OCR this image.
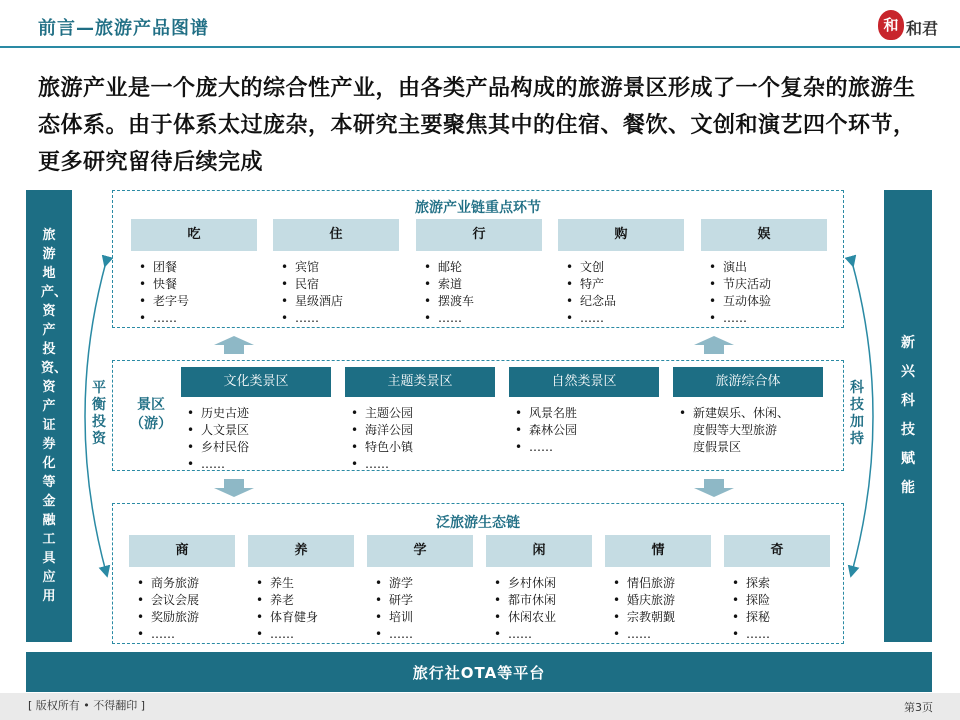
前言—旅游产品图谱	和 和君
旅游产业是一个庞大的综合性产业，由各类产品构成的旅游景区形成了一个复杂的旅游生态体系。由于体系太过庞杂，本研究主要聚焦其中的住宿、餐饮、文创和演艺四个环节，更多研究留待后续完成
旅游地产、资产投资、资产证券化等金融工具应用
新兴科技赋能
平衡投资
科技加持
旅游产业链重点环节
吃	住	行	购	娱
• 团餐
• 快餐
• 老字号
• ……
• 宾馆
• 民宿
• 星级酒店
• ……
• 邮轮
• 索道
• 摆渡车
• ……
• 文创
• 特产
• 纪念品
• ……
• 演出
• 节庆活动
• 互动体验
• ……
文化类景区	主题类景区	自然类景区	旅游综合体
• 历史古迹
• 人文景区
• 乡村民俗
• ……
• 主题公园
• 海洋公园
• 特色小镇
• ……
• 风景名胜
• 森林公园
• ……
• 新建娱乐、休闲、
度假等大型旅游
度假景区
景区
（游）
泛旅游生态链
商	养	学	闲	情	奇
• 商务旅游
• 会议会展
• 奖励旅游
• ……
• 养生
• 养老
• 体育健身
• ……
• 游学
• 研学
• 培训
• ……
• 乡村休闲
• 都市休闲
• 休闲农业
• ……
• 情侣旅游
• 婚庆旅游
• 宗教朝觐
• ……
• 探索
• 探险
• 探秘
• ……
旅行社OTA等平台
[ 版权所有 • 不得翻印 ]	第3页
